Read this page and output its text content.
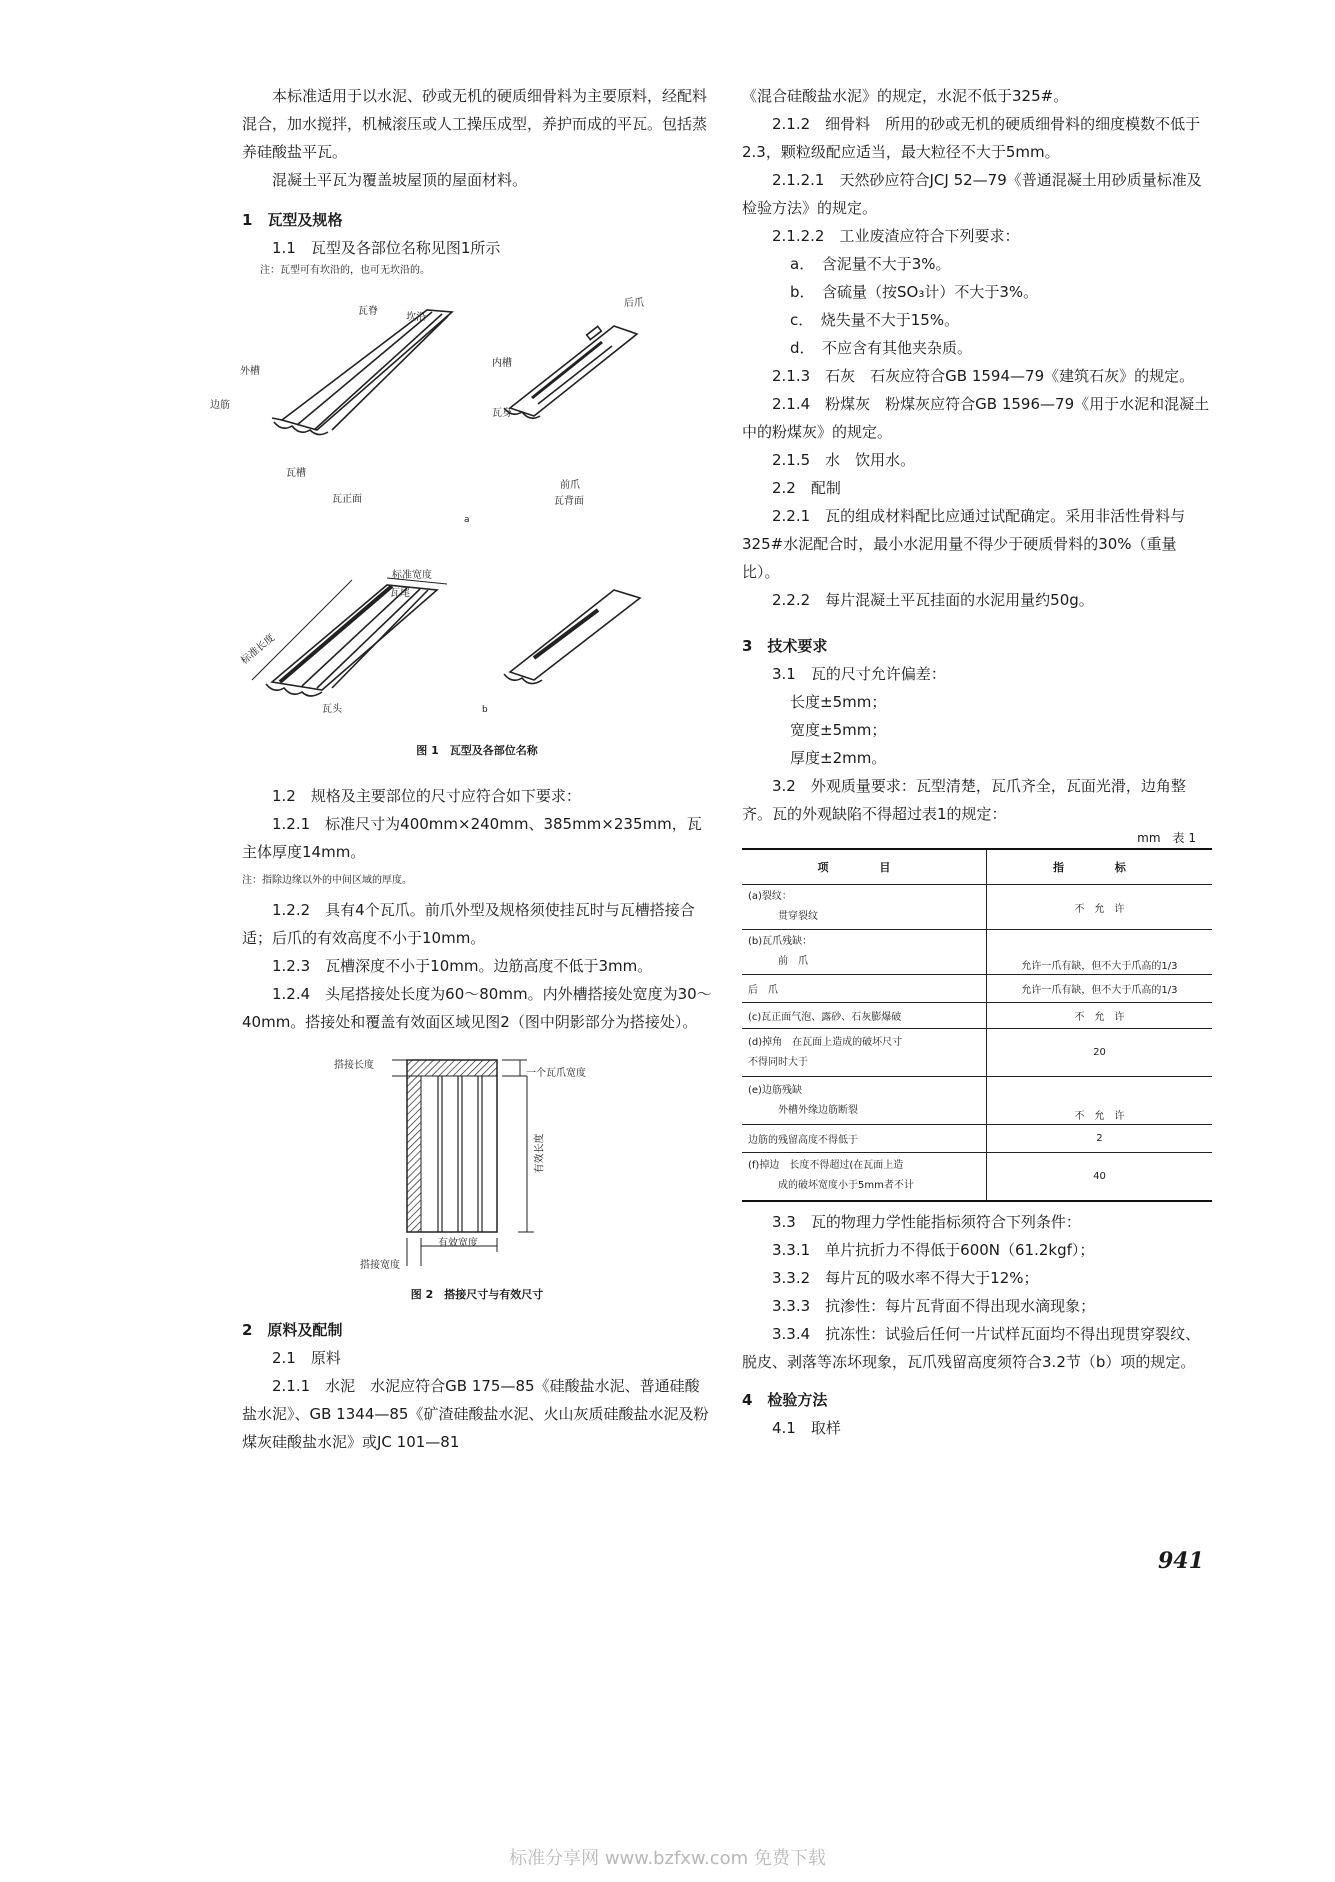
本标准适用于以水泥、砂或无机的硬质细骨料为主要原料，经配料混合，加水搅拌，机械滚压或人工操压成型，养护而成的平瓦。包括蒸养硅酸盐平瓦。

混凝土平瓦为覆盖坡屋顶的屋面材料。

1　瓦型及规格

1.1　瓦型及各部位名称见图1所示

注：瓦型可有坎沿的，也可无坎沿的。

瓦脊
坎沿
外槽
边筋
瓦槽
瓦正面
后爪
内槽
瓦身
前爪
瓦背面
a
标准宽度
瓦尾
标准长度
瓦头	b

图 1　瓦型及各部位名称

1.2　规格及主要部位的尺寸应符合如下要求：

1.2.1　标准尺寸为400mm×240mm、385mm×235mm，瓦主体厚度14mm。

注：指除边缘以外的中间区域的厚度。

1.2.2　具有4个瓦爪。前爪外型及规格须使挂瓦时与瓦槽搭接合适；后爪的有效高度不小于10mm。

1.2.3　瓦槽深度不小于10mm。边筋高度不低于3mm。

1.2.4　头尾搭接处长度为60～80mm。内外槽搭接处宽度为30～40mm。搭接处和覆盖有效面区域见图2（图中阴影部分为搭接处）。

搭接长度
一个瓦爪宽度
有效长度
有效宽度
搭接宽度

图 2　搭接尺寸与有效尺寸

2　原料及配制

2.1　原料

2.1.1　水泥　水泥应符合GB 175—85《硅酸盐水泥、普通硅酸盐水泥》、GB 1344—85《矿渣硅酸盐水泥、火山灰质硅酸盐水泥及粉煤灰硅酸盐水泥》或JC 101—81

《混合硅酸盐水泥》的规定，水泥不低于325#。

2.1.2　细骨料　所用的砂或无机的硬质细骨料的细度模数不低于2.3，颗粒级配应适当，最大粒径不大于5mm。

2.1.2.1　天然砂应符合JCJ 52—79《普通混凝土用砂质量标准及检验方法》的规定。

2.1.2.2　工业废渣应符合下列要求：

a．　含泥量不大于3%。

b．　含硫量（按SO₃计）不大于3%。

c．　烧失量不大于15%。

d．　不应含有其他夹杂质。

2.1.3　石灰　石灰应符合GB 1594—79《建筑石灰》的规定。

2.1.4　粉煤灰　粉煤灰应符合GB 1596—79《用于水泥和混凝土中的粉煤灰》的规定。

2.1.5　水　饮用水。

2.2　配制

2.2.1　瓦的组成材料配比应通过试配确定。采用非活性骨料与325#水泥配合时，最小水泥用量不得少于硬质骨料的30%（重量比）。

2.2.2　每片混凝土平瓦挂面的水泥用量约50g。

3　技术要求

3.1　瓦的尺寸允许偏差：

长度±5mm；

宽度±5mm；

厚度±2mm。

3.2　外观质量要求：瓦型清楚，瓦爪齐全，瓦面光滑，边角整齐。瓦的外观缺陷不得超过表1的规定：

mm　表 1

项　目	指　标

(a)裂纹：
贯穿裂纹	不　允　许

(b)瓦爪残缺：
前　爪	允许一爪有缺，但不大于爪高的1/3
后　爪	允许一爪有缺，但不大于爪高的1/3
(c)瓦正面气泡、露砂、石灰膨爆破	不　允　许

(d)掉角　在瓦面上造成的破坏尺寸
不得同时大于	20

(e)边筋残缺
外槽外缘边筋断裂	不　允　许
边筋的残留高度不得低于	2

(f)掉边　长度不得超过(在瓦面上造
成的破坏宽度小于5mm者不计	40

3.3　瓦的物理力学性能指标须符合下列条件：

3.3.1　单片抗折力不得低于600N（61.2kgf）；

3.3.2　每片瓦的吸水率不得大于12%；

3.3.3　抗渗性：每片瓦背面不得出现水滴现象；

3.3.4　抗冻性：试验后任何一片试样瓦面均不得出现贯穿裂纹、脱皮、剥落等冻坏现象，瓦爪残留高度须符合3.2节（b）项的规定。

4　检验方法

4.1　取样

941
标准分享网 www.bzfxw.com 免费下载
